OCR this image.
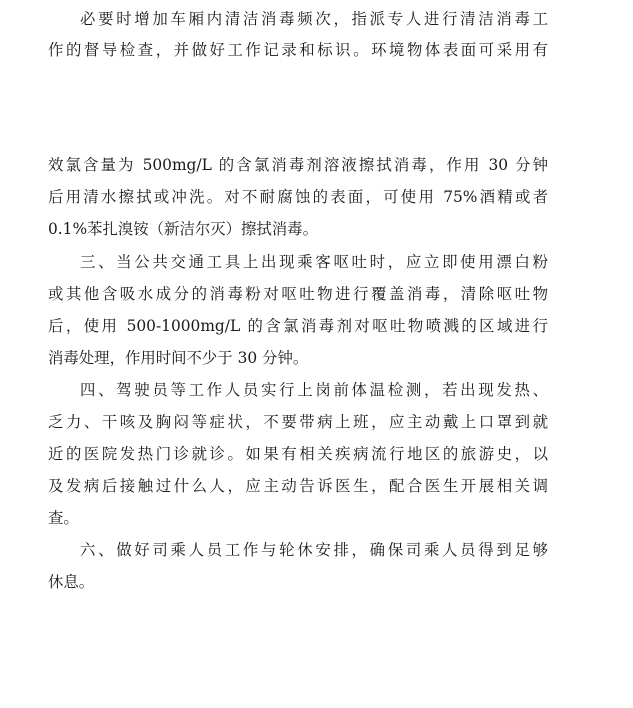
必要时增加车厢内清洁消毒频次，指派专人进行清洁消毒工
作的督导检查，并做好工作记录和标识。环境物体表面可采用有
效氯含量为 500mg/L 的含氯消毒剂溶液擦拭消毒，作用 30 分钟
后用清水擦拭或冲洗。对不耐腐蚀的表面，可使用 75%酒精或者
0.1%苯扎溴铵（新洁尔灭）擦拭消毒。
三、当公共交通工具上出现乘客呕吐时，应立即使用漂白粉
或其他含吸水成分的消毒粉对呕吐物进行覆盖消毒，清除呕吐物
后，使用 500-1000mg/L 的含氯消毒剂对呕吐物喷溅的区域进行
消毒处理，作用时间不少于 30 分钟。
四、驾驶员等工作人员实行上岗前体温检测，若出现发热、
乏力、干咳及胸闷等症状，不要带病上班，应主动戴上口罩到就
近的医院发热门诊就诊。如果有相关疾病流行地区的旅游史，以
及发病后接触过什么人，应主动告诉医生，配合医生开展相关调
查。
六、做好司乘人员工作与轮休安排，确保司乘人员得到足够
休息。
